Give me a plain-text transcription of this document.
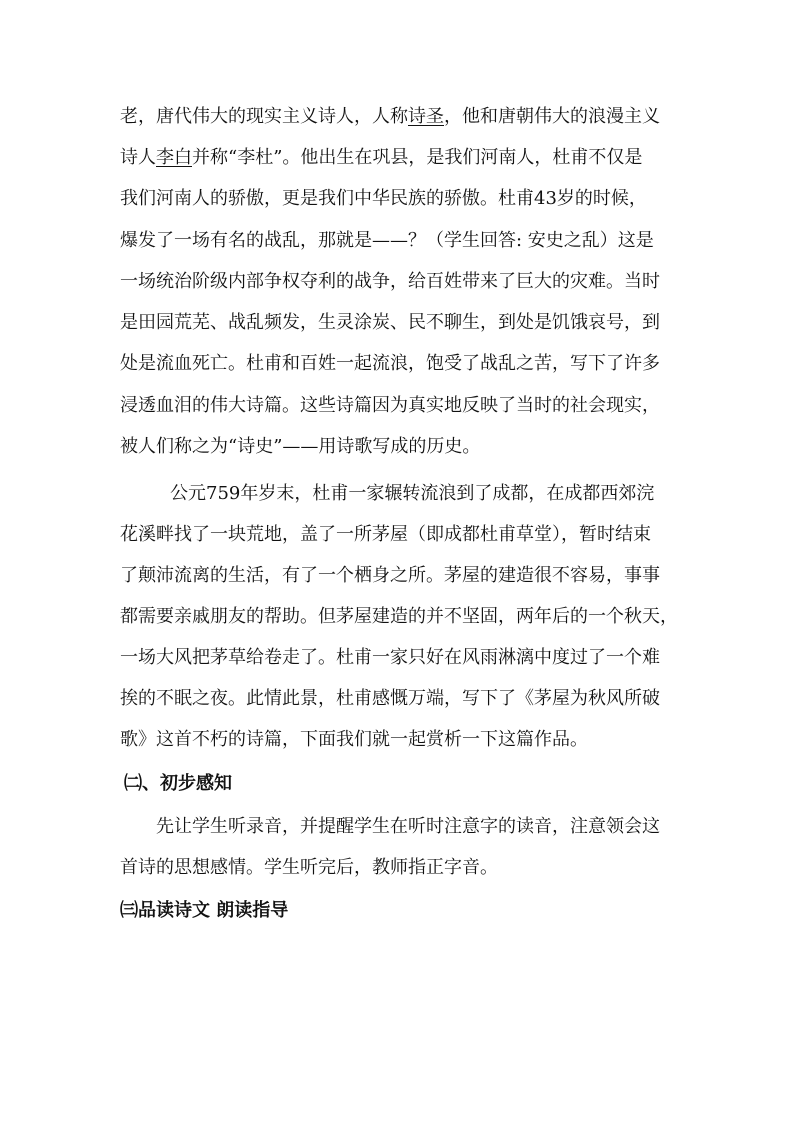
老，唐代伟大的现实主义诗人，人称诗圣，他和唐朝伟大的浪漫主义
诗人李白并称“李杜”。他出生在巩县，是我们河南人，杜甫不仅是
我们河南人的骄傲，更是我们中华民族的骄傲。杜甫43岁的时候，
爆发了一场有名的战乱，那就是——？（学生回答: 安史之乱）这是
一场统治阶级内部争权夺利的战争，给百姓带来了巨大的灾难。当时
是田园荒芜、战乱频发，生灵涂炭、民不聊生，到处是饥饿哀号，到
处是流血死亡。杜甫和百姓一起流浪，饱受了战乱之苦，写下了许多
浸透血泪的伟大诗篇。这些诗篇因为真实地反映了当时的社会现实，
被人们称之为“诗史”——用诗歌写成的历史。
公元759年岁末，杜甫一家辗转流浪到了成都，在成都西郊浣
花溪畔找了一块荒地，盖了一所茅屋（即成都杜甫草堂），暂时结束
了颠沛流离的生活，有了一个栖身之所。茅屋的建造很不容易，事事
都需要亲戚朋友的帮助。但茅屋建造的并不坚固，两年后的一个秋天，
一场大风把茅草给卷走了。杜甫一家只好在风雨淋漓中度过了一个难
挨的不眠之夜。此情此景，杜甫感慨万端，写下了《茅屋为秋风所破
歌》这首不朽的诗篇，下面我们就一起赏析一下这篇作品。
㈡、初步感知
先让学生听录音，并提醒学生在听时注意字的读音，注意领会这
首诗的思想感情。学生听完后，教师指正字音。
㈢品读诗文 朗读指导
